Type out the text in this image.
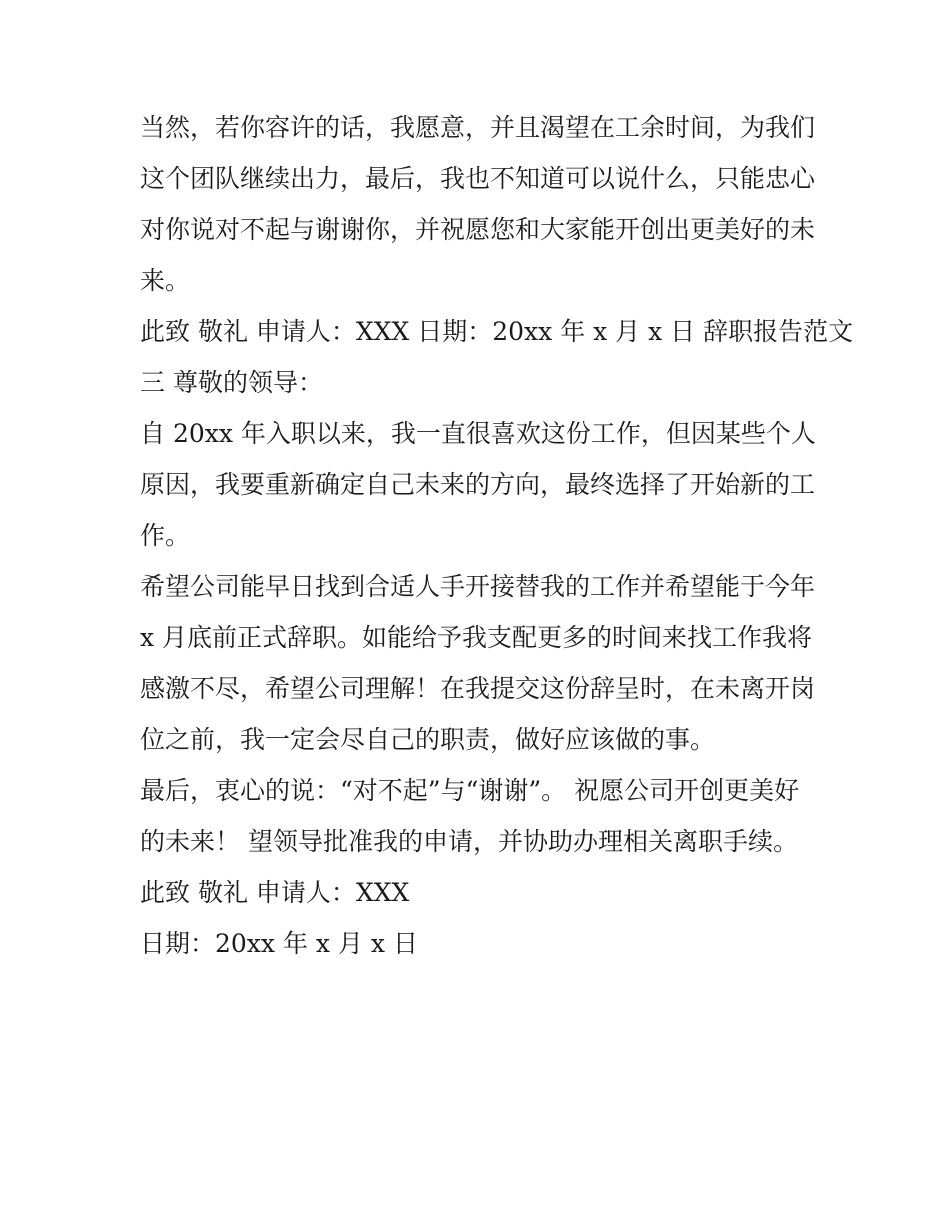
当然，若你容许的话，我愿意，并且渴望在工余时间，为我们
这个团队继续出力，最后，我也不知道可以说什么，只能忠心
对你说对不起与谢谢你，并祝愿您和大家能开创出更美好的未
来。
此致 敬礼 申请人：XXX 日期：20xx 年 x 月 x 日 辞职报告范文
三 尊敬的领导：
自 20xx 年入职以来，我一直很喜欢这份工作，但因某些个人
原因，我要重新确定自己未来的方向，最终选择了开始新的工
作。
希望公司能早日找到合适人手开接替我的工作并希望能于今年
x 月底前正式辞职。如能给予我支配更多的时间来找工作我将
感激不尽，希望公司理解！在我提交这份辞呈时，在未离开岗
位之前，我一定会尽自己的职责，做好应该做的事。
最后，衷心的说：“对不起”与“谢谢”。 祝愿公司开创更美好
的未来！ 望领导批准我的申请，并协助办理相关离职手续。
此致 敬礼 申请人：XXX
日期：20xx 年 x 月 x 日
